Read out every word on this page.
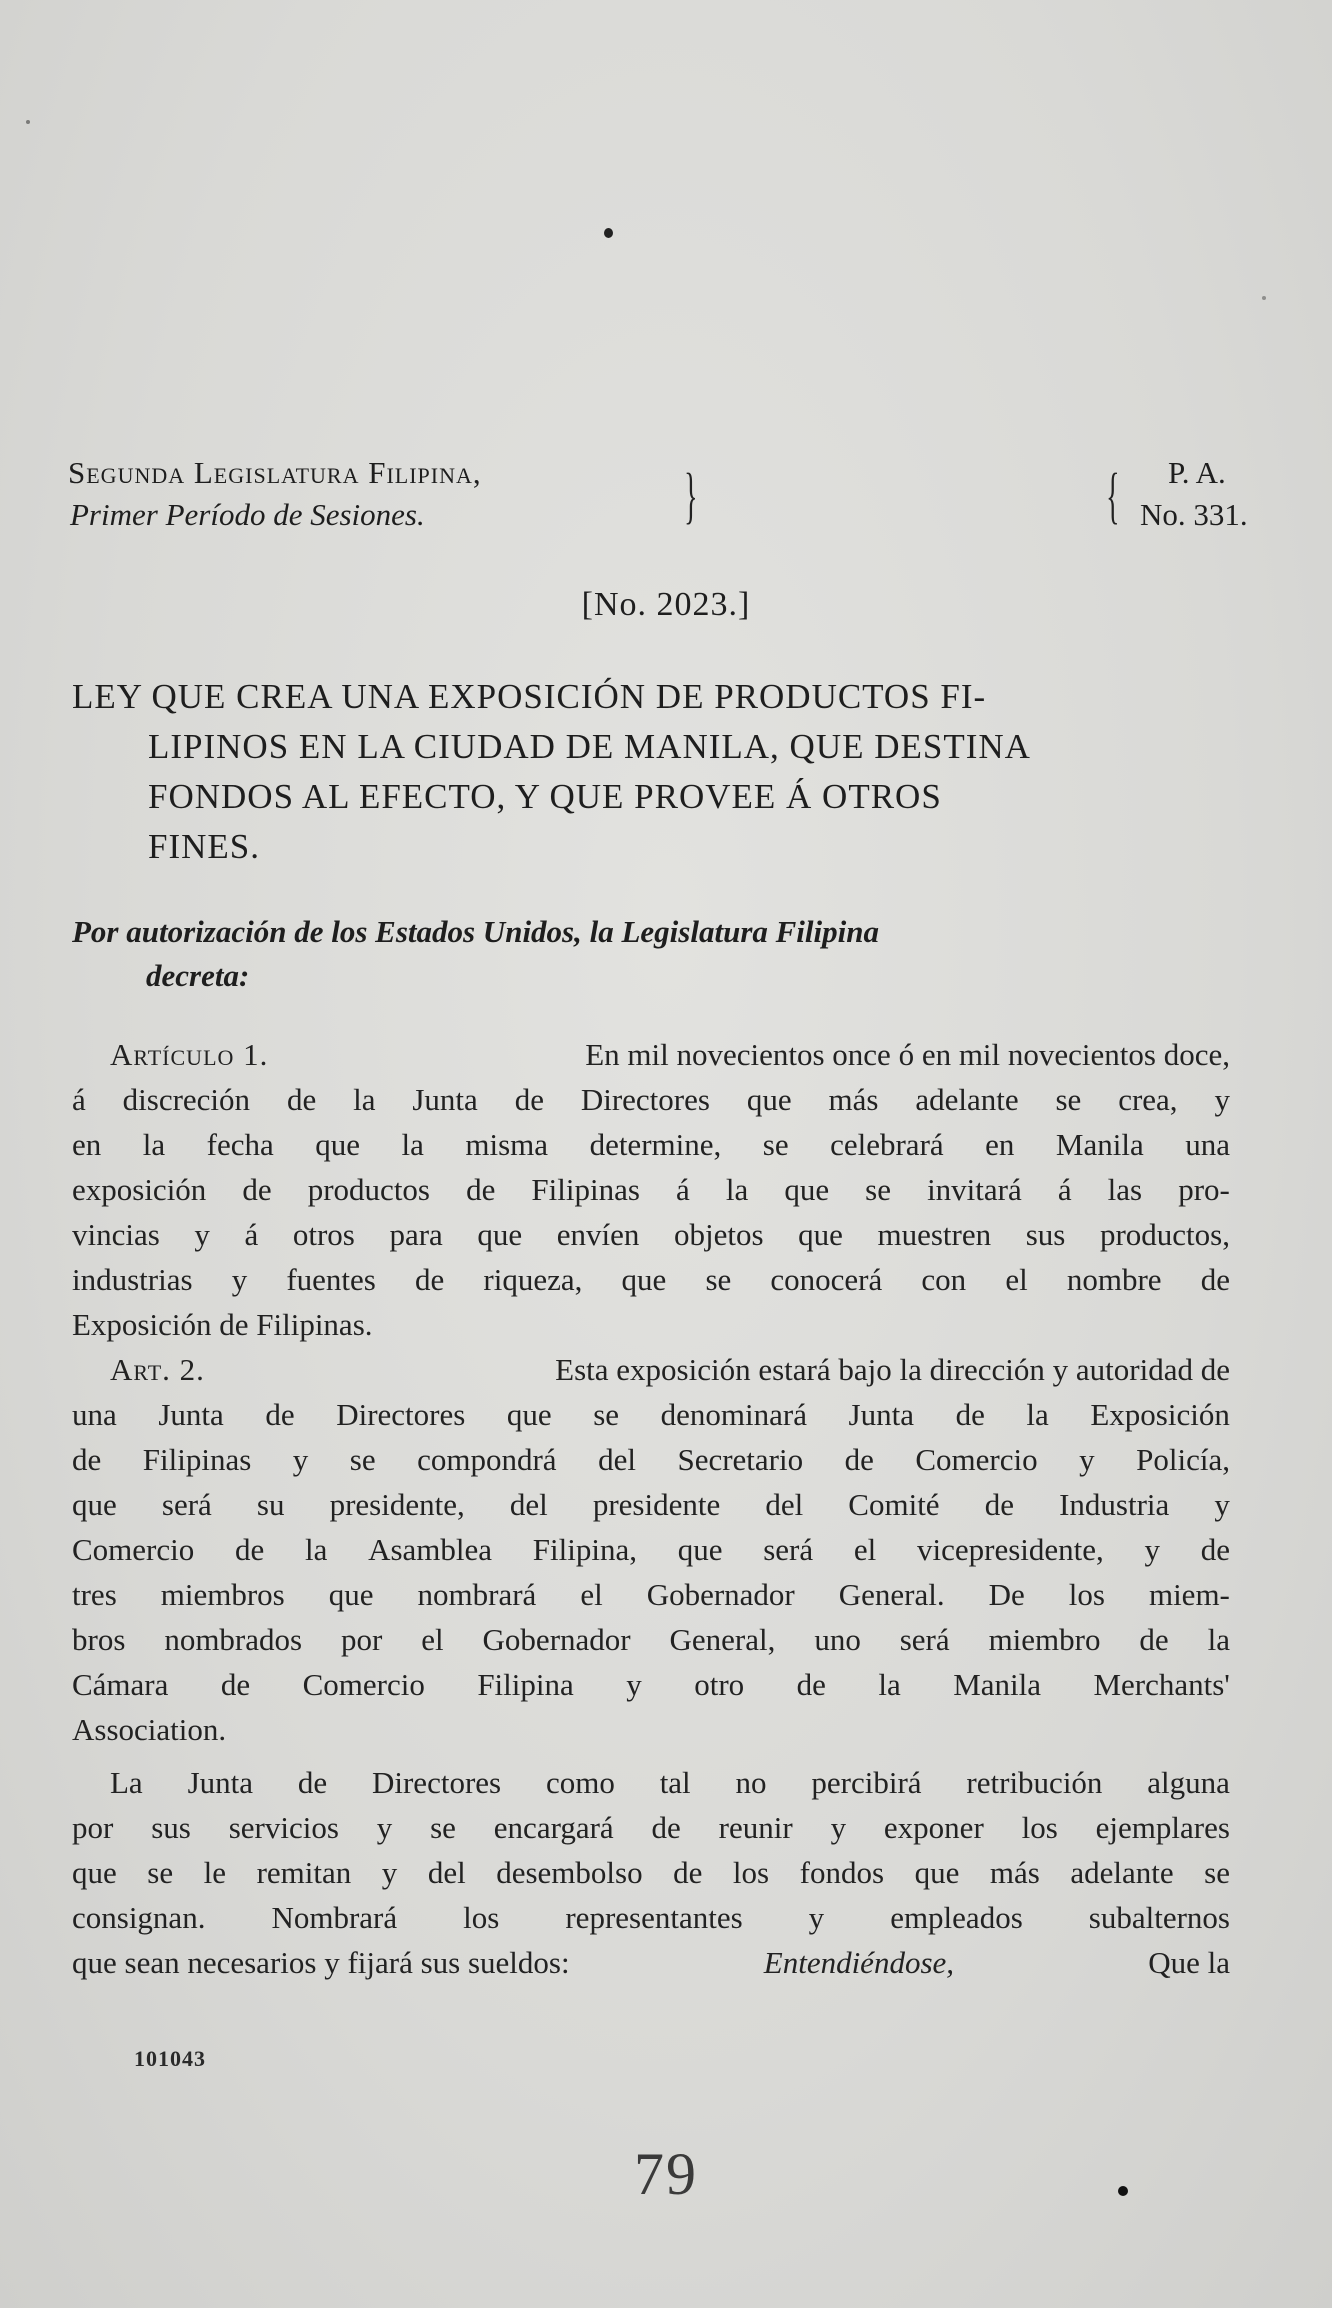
Segunda Legislatura Filipina,
Primer Período de Sesiones.	}	{	P. A.
No. 331.
[No. 2023.]
LEY QUE CREA UNA EXPOSICIÓN DE PRODUCTOS FI-
LIPINOS EN LA CIUDAD DE MANILA, QUE DESTINA
FONDOS AL EFECTO, Y QUE PROVEE Á OTROS
FINES.
Por autorización de los Estados Unidos, la Legislatura Filipina
decreta:
Artículo 1.	En mil novecientos once ó en mil novecientos doce,
á discreción de la Junta de Directores que más adelante se crea, y
en la fecha que la misma determine, se celebrará en Manila una
exposición de productos de Filipinas á la que se invitará á las pro-
vincias y á otros para que envíen objetos que muestren sus productos,
industrias y fuentes de riqueza, que se conocerá con el nombre de
Exposición de Filipinas.
Art. 2.	Esta exposición estará bajo la dirección y autoridad de
una Junta de Directores que se denominará Junta de la Exposición
de Filipinas y se compondrá del Secretario de Comercio y Policía,
que será su presidente, del presidente del Comité de Industria y
Comercio de la Asamblea Filipina, que será el vicepresidente, y de
tres miembros que nombrará el Gobernador General. De los miem-
bros nombrados por el Gobernador General, uno será miembro de la
Cámara de Comercio Filipina y otro de la Manila Merchants'
Association.
La Junta de Directores como tal no percibirá retribución alguna
por sus servicios y se encargará de reunir y exponer los ejemplares
que se le remitan y del desembolso de los fondos que más adelante se
consignan. Nombrará los representantes y empleados subalternos
que sean necesarios y fijará sus sueldos:	Entendiéndose,	Que la
101043
79
